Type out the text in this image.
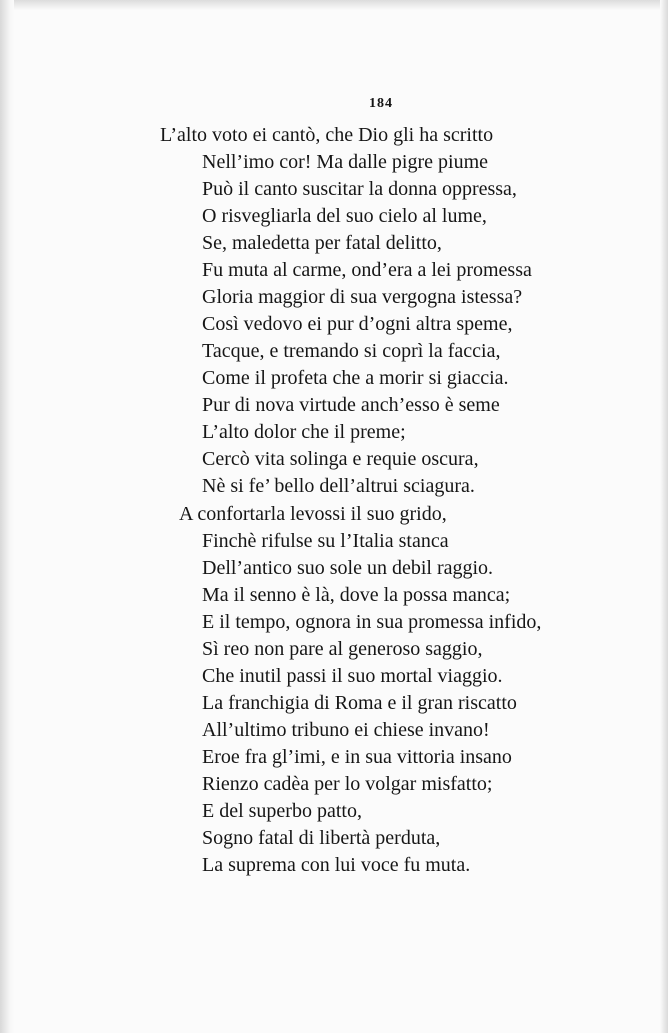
184
L’alto voto ei cantò, che Dio gli ha scritto
Nell’imo cor! Ma dalle pigre piume
Può il canto suscitar la donna oppressa,
O risvegliarla del suo cielo al lume,
Se, maledetta per fatal delitto,
Fu muta al carme, ond’era a lei promessa
Gloria maggior di sua vergogna istessa?
Così vedovo ei pur d’ogni altra speme,
Tacque, e tremando si coprì la faccia,
Come il profeta che a morir si giaccia.
Pur di nova virtude anch’esso è seme
L’alto dolor che il preme;
Cercò vita solinga e requie oscura,
Nè si fe’ bello dell’altrui sciagura.
A confortarla levossi il suo grido,
Finchè rifulse su l’Italia stanca
Dell’antico suo sole un debil raggio.
Ma il senno è là, dove la possa manca;
E il tempo, ognora in sua promessa infido,
Sì reo non pare al generoso saggio,
Che inutil passi il suo mortal viaggio.
La franchigia di Roma e il gran riscatto
All’ultimo tribuno ei chiese invano!
Eroe fra gl’imi, e in sua vittoria insano
Rienzo cadèa per lo volgar misfatto;
E del superbo patto,
Sogno fatal di libertà perduta,
La suprema con lui voce fu muta.
